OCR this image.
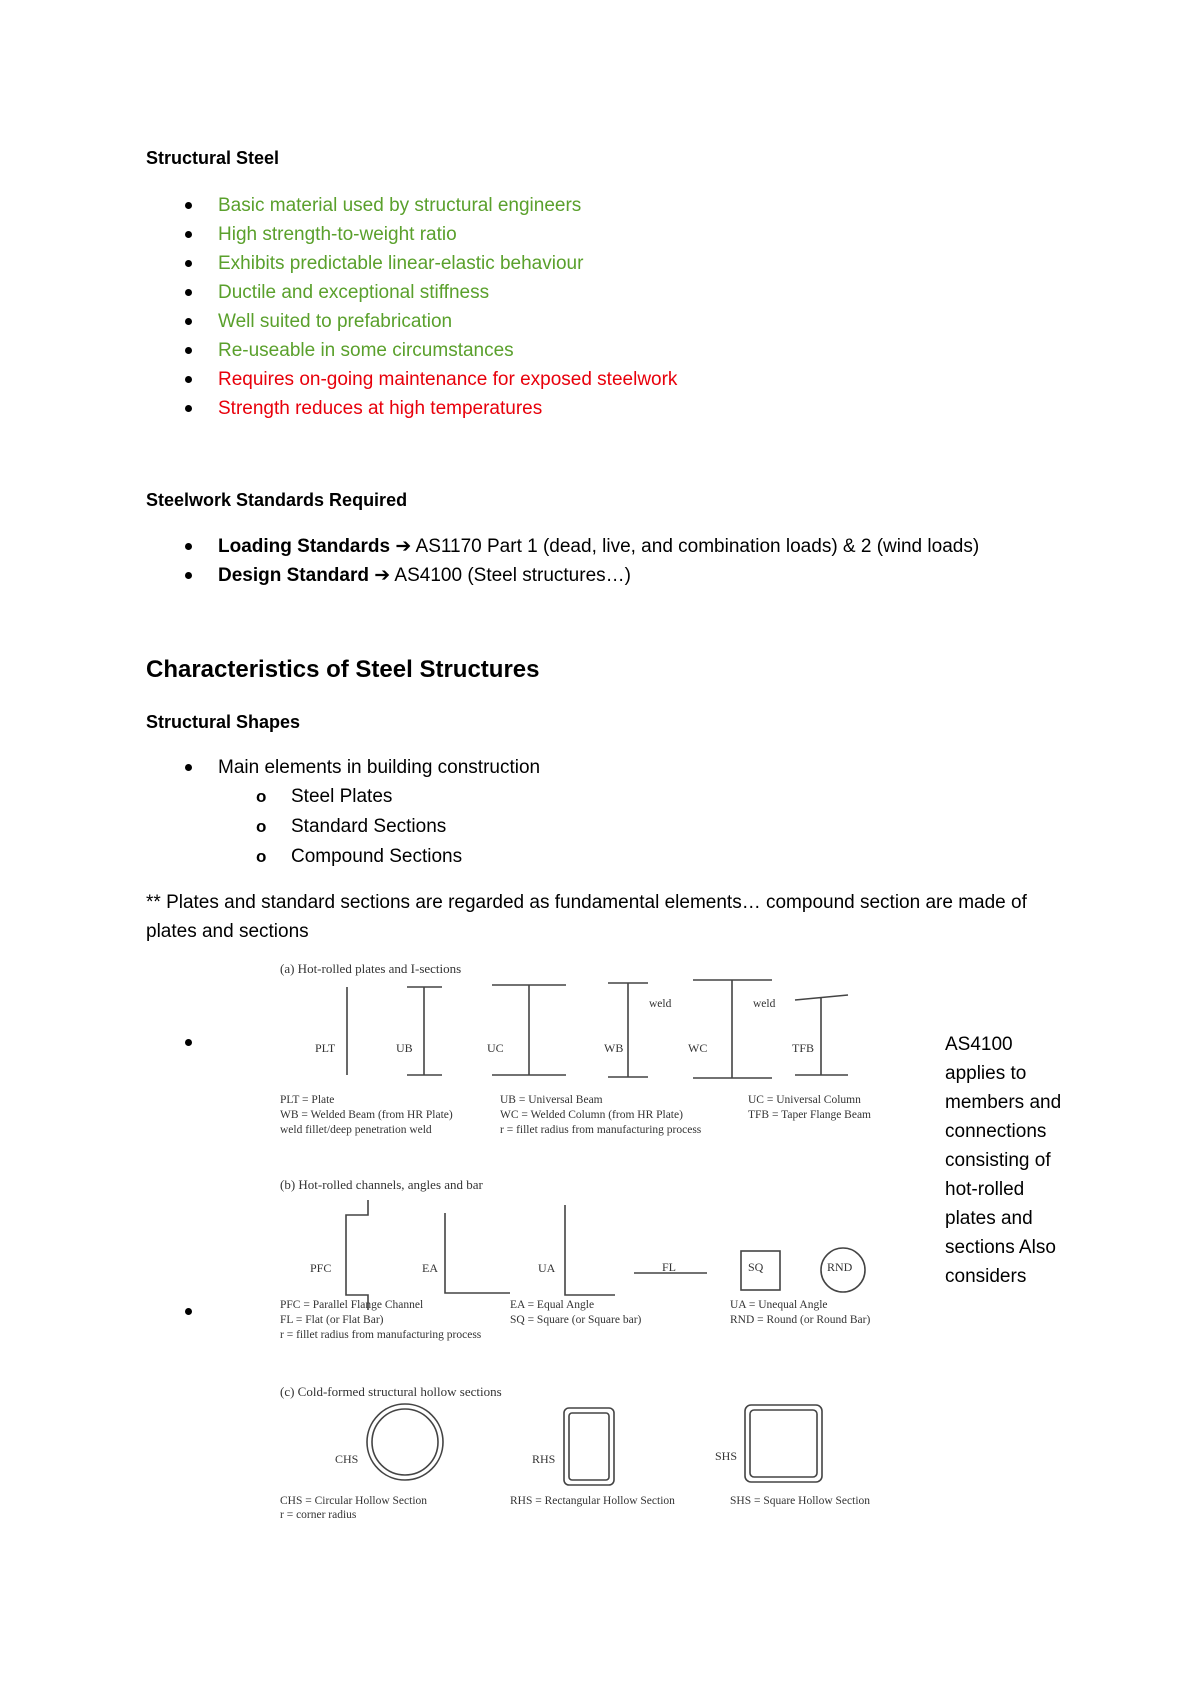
Structural Steel
Basic material used by structural engineers
High strength-to-weight ratio
Exhibits predictable linear-elastic behaviour
Ductile and exceptional stiffness
Well suited to prefabrication
Re-useable in some circumstances
Requires on-going maintenance for exposed steelwork
Strength reduces at high temperatures
Steelwork Standards Required
Loading Standards ➔ AS1170 Part 1 (dead, live, and combination loads) & 2 (wind loads)
Design Standard ➔ AS4100 (Steel structures…)
Characteristics of Steel Structures
Structural Shapes
Main elements in building construction
o Steel Plates
o Standard Sections
o Compound Sections
** Plates and standard sections are regarded as fundamental elements… compound section are made of plates and sections
AS4100 applies to members and connections consisting of hot-rolled plates and sections Also considers
(a) Hot-rolled plates and I-sections
PLT	UB	UC	WB	WC	TFB
weld	weld
PLT = Plate
WB = Welded Beam (from HR Plate)
weld fillet/deep penetration weld
UB = Universal Beam
WC = Welded Column (from HR Plate)
r = fillet radius from manufacturing process
UC = Universal Column
TFB = Taper Flange Beam
(b) Hot-rolled channels, angles and bar
PFC	EA	UA	FL	SQ	RND
PFC = Parallel Flange Channel
FL = Flat (or Flat Bar)
r = fillet radius from manufacturing process
EA = Equal Angle
SQ = Square (or Square bar)
UA = Unequal Angle
RND = Round (or Round Bar)
(c) Cold-formed structural hollow sections
CHS	RHS	SHS
CHS = Circular Hollow Section
r = corner radius
RHS = Rectangular Hollow Section	SHS = Square Hollow Section
